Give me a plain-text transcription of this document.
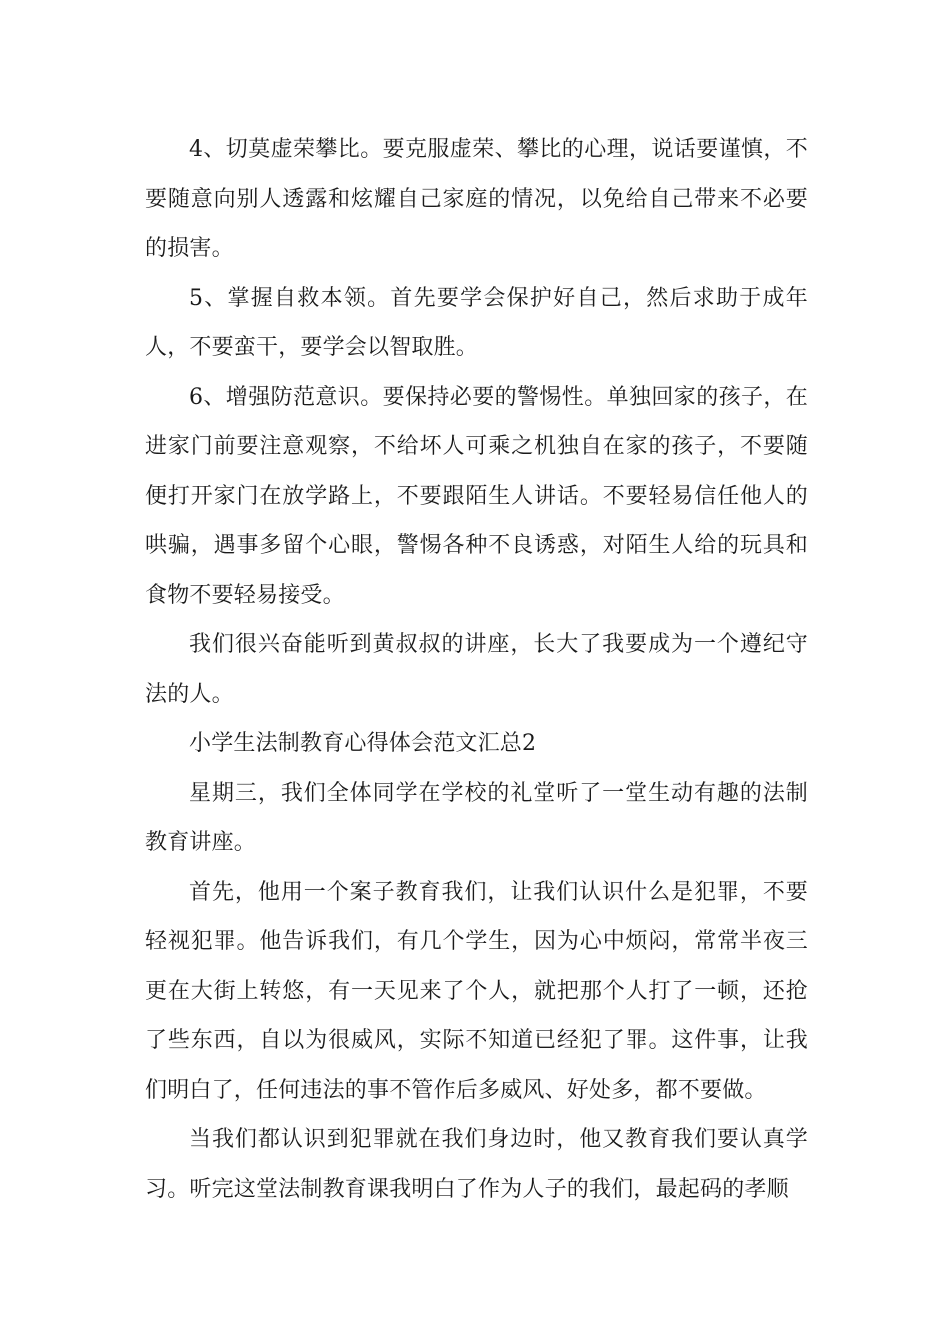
4、切莫虚荣攀比。要克服虚荣、攀比的心理，说话要谨慎，不要随意向别人透露和炫耀自己家庭的情况，以免给自己带来不必要的损害。

5、掌握自救本领。首先要学会保护好自己，然后求助于成年人，不要蛮干，要学会以智取胜。

6、增强防范意识。要保持必要的警惕性。单独回家的孩子，在进家门前要注意观察，不给坏人可乘之机独自在家的孩子，不要随便打开家门在放学路上，不要跟陌生人讲话。不要轻易信任他人的哄骗，遇事多留个心眼，警惕各种不良诱惑，对陌生人给的玩具和食物不要轻易接受。

我们很兴奋能听到黄叔叔的讲座，长大了我要成为一个遵纪守法的人。

小学生法制教育心得体会范文汇总2

星期三，我们全体同学在学校的礼堂听了一堂生动有趣的法制教育讲座。

首先，他用一个案子教育我们，让我们认识什么是犯罪，不要轻视犯罪。他告诉我们，有几个学生，因为心中烦闷，常常半夜三更在大街上转悠，有一天见来了个人，就把那个人打了一顿，还抢了些东西，自以为很威风，实际不知道已经犯了罪。这件事，让我们明白了，任何违法的事不管作后多威风、好处多，都不要做。

当我们都认识到犯罪就在我们身边时，他又教育我们要认真学习。听完这堂法制教育课我明白了作为人子的我们，最起码的孝顺
